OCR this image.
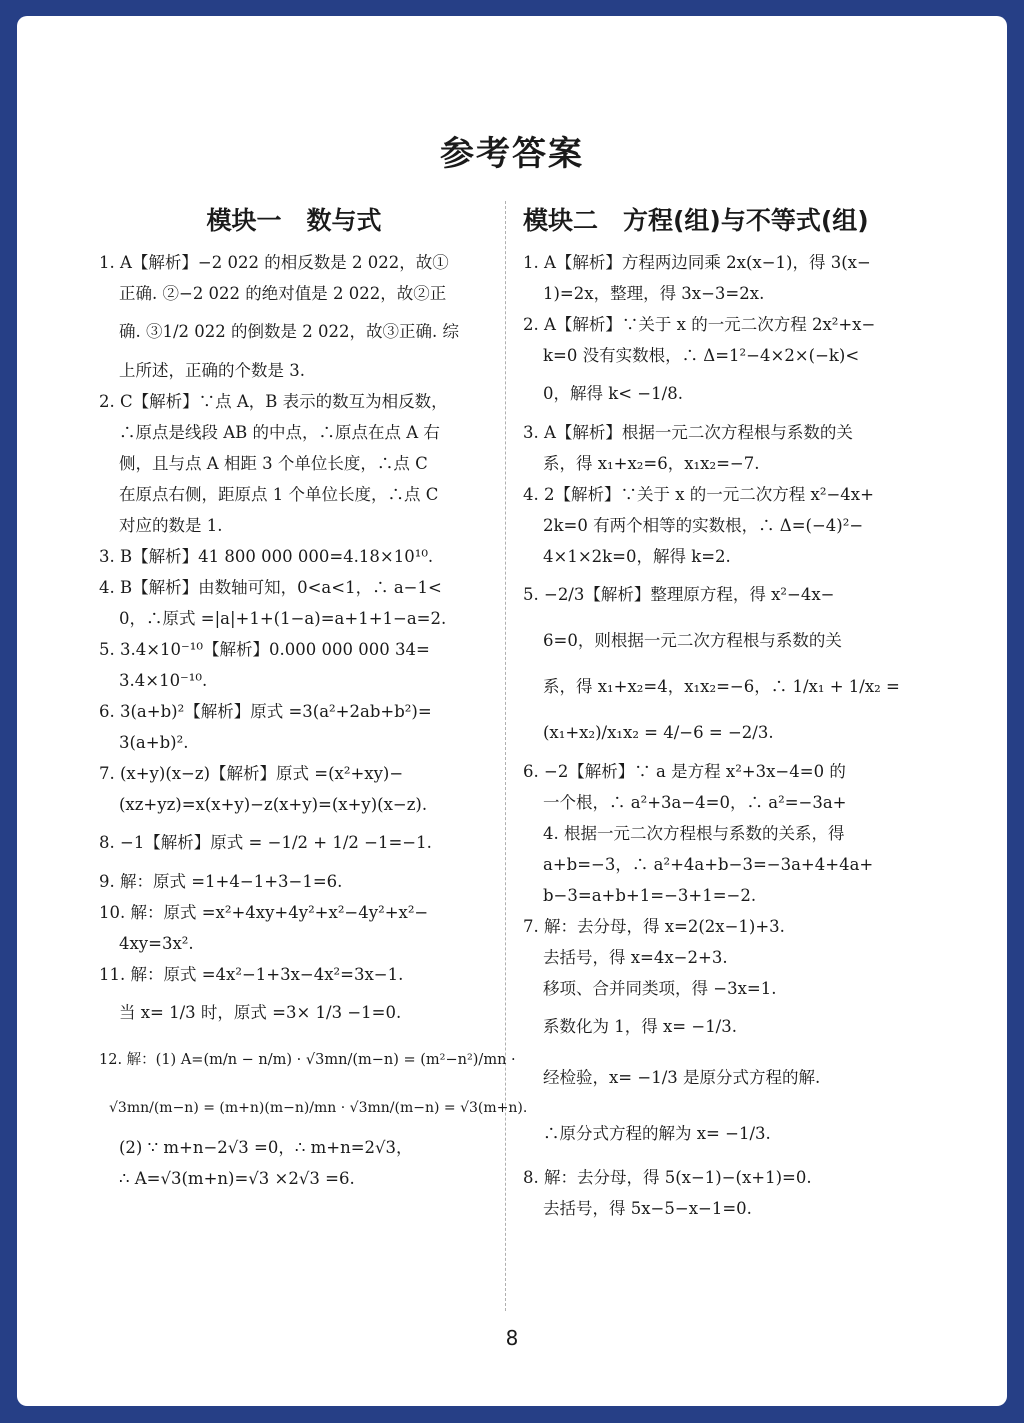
参考答案
模块一　数与式

1. A【解析】−2 022 的相反数是 2 022，故①

正确. ②−2 022 的绝对值是 2 022，故②正

确. ③1/2 022 的倒数是 2 022，故③正确. 综

上所述，正确的个数是 3.

2. C【解析】∵点 A，B 表示的数互为相反数，

∴原点是线段 AB 的中点，∴原点在点 A 右

侧，且与点 A 相距 3 个单位长度，∴点 C

在原点右侧，距原点 1 个单位长度，∴点 C

对应的数是 1.

3. B【解析】41 800 000 000=4.18×10¹⁰.

4. B【解析】由数轴可知，0<a<1，∴ a−1<

0，∴原式 =|a|+1+(1−a)=a+1+1−a=2.

5. 3.4×10⁻¹⁰【解析】0.000 000 000 34=

3.4×10⁻¹⁰.

6. 3(a+b)²【解析】原式 =3(a²+2ab+b²)=

3(a+b)².

7. (x+y)(x−z)【解析】原式 =(x²+xy)−

(xz+yz)=x(x+y)−z(x+y)=(x+y)(x−z).

8. −1【解析】原式 = −1/2 + 1/2 −1=−1.

9. 解：原式 =1+4−1+3−1=6.

10. 解：原式 =x²+4xy+4y²+x²−4y²+x²−

4xy=3x².

11. 解：原式 =4x²−1+3x−4x²=3x−1.

当 x= 1/3 时，原式 =3× 1/3 −1=0.

12. 解：(1) A=(m/n − n/m) · √3mn/(m−n) = (m²−n²)/mn ·

√3mn/(m−n) = (m+n)(m−n)/mn · √3mn/(m−n) = √3(m+n).

(2) ∵ m+n−2√3 =0，∴ m+n=2√3，

∴ A=√3(m+n)=√3 ×2√3 =6.

模块二　方程(组)与不等式(组)

1. A【解析】方程两边同乘 2x(x−1)，得 3(x−

1)=2x，整理，得 3x−3=2x.

2. A【解析】∵关于 x 的一元二次方程 2x²+x−

k=0 没有实数根，∴ Δ=1²−4×2×(−k)<

0，解得 k< −1/8.

3. A【解析】根据一元二次方程根与系数的关

系，得 x₁+x₂=6，x₁x₂=−7.

4. 2【解析】∵关于 x 的一元二次方程 x²−4x+

2k=0 有两个相等的实数根，∴ Δ=(−4)²−

4×1×2k=0，解得 k=2.

5. −2/3【解析】整理原方程，得 x²−4x−

6=0，则根据一元二次方程根与系数的关

系，得 x₁+x₂=4，x₁x₂=−6，∴ 1/x₁ + 1/x₂ =

(x₁+x₂)/x₁x₂ = 4/−6 = −2/3.

6. −2【解析】∵ a 是方程 x²+3x−4=0 的

一个根，∴ a²+3a−4=0，∴ a²=−3a+

4. 根据一元二次方程根与系数的关系，得

a+b=−3，∴ a²+4a+b−3=−3a+4+4a+

b−3=a+b+1=−3+1=−2.

7. 解：去分母，得 x=2(2x−1)+3.

去括号，得 x=4x−2+3.

移项、合并同类项，得 −3x=1.

系数化为 1，得 x= −1/3.

经检验，x= −1/3 是原分式方程的解.

∴原分式方程的解为 x= −1/3.

8. 解：去分母，得 5(x−1)−(x+1)=0.

去括号，得 5x−5−x−1=0.

8
